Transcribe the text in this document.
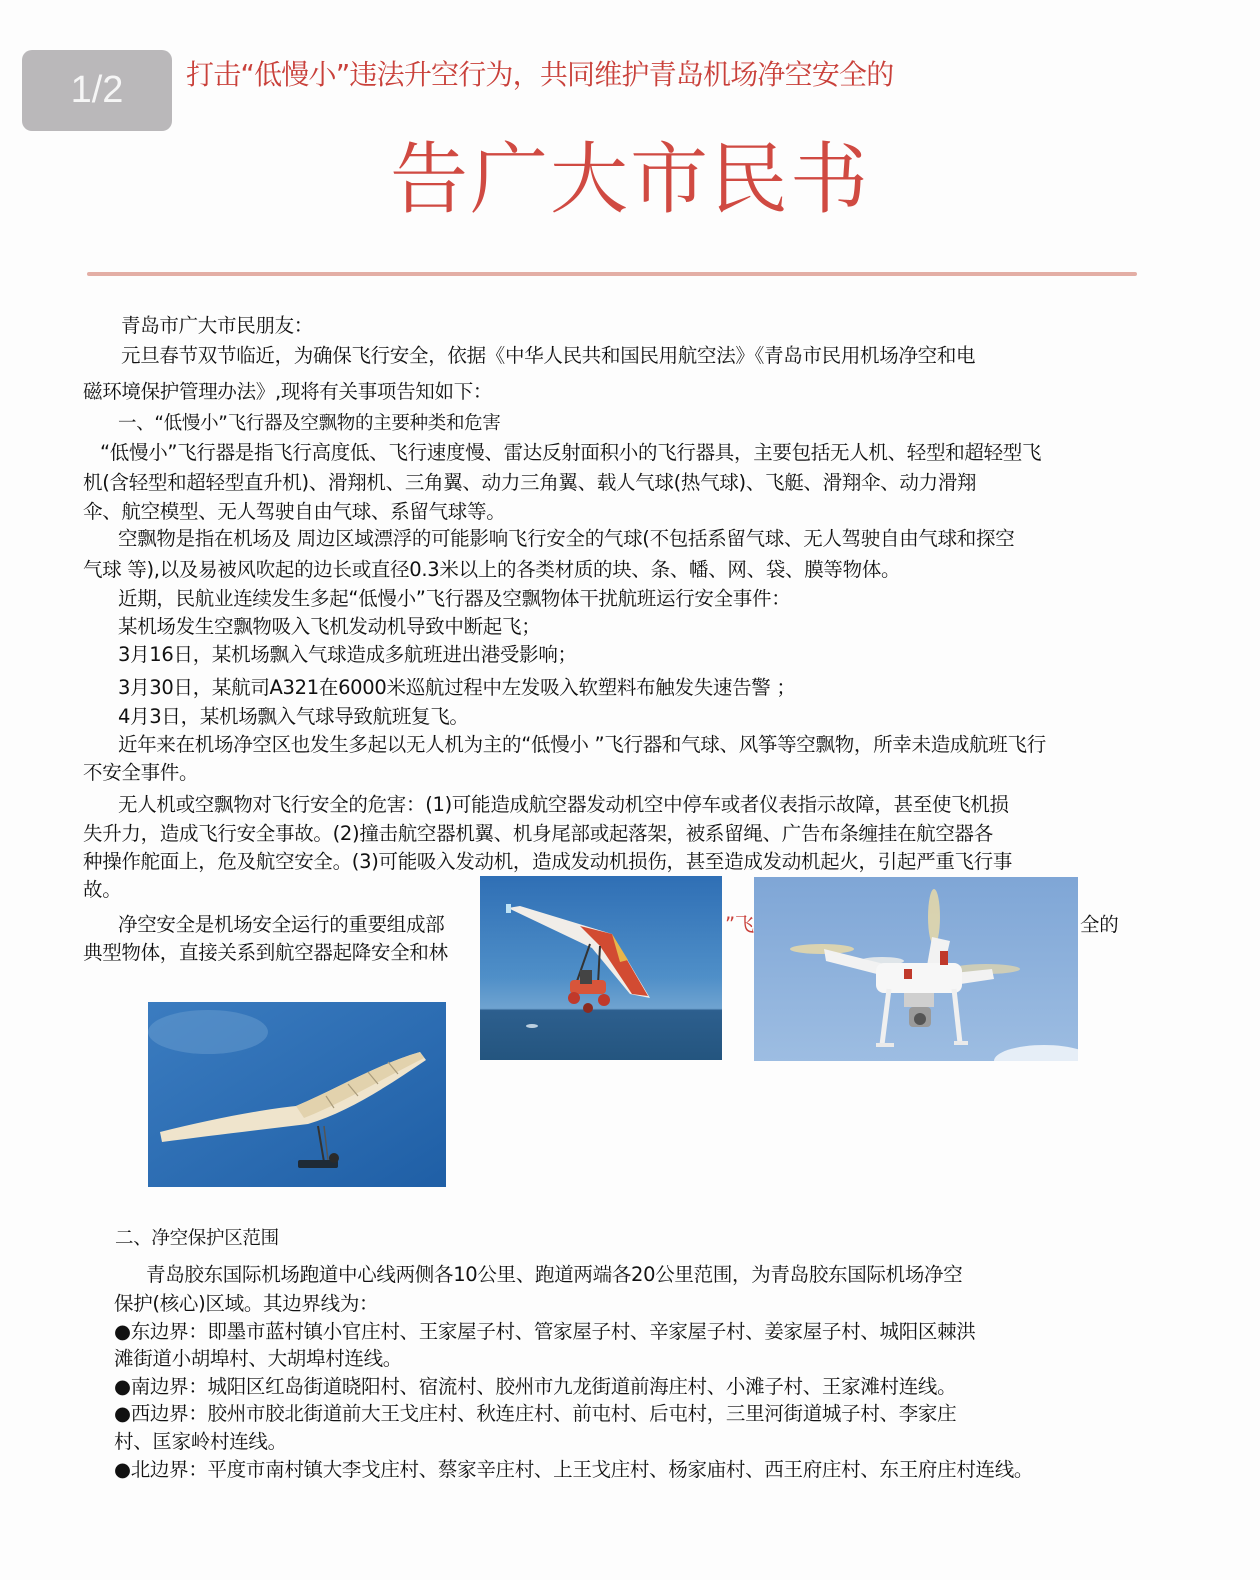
1/2 打击“低慢小”违法升空行为，共同维护青岛机场净空安全的
告广大市民书
青岛市广大市民朋友：
元旦春节双节临近，为确保飞行安全，依据《中华人民共和国民用航空法》《青岛市民用机场净空和电
磁环境保护管理办法》,现将有关事项告知如下：
一、“低慢小”飞行器及空飘物的主要种类和危害
“低慢小”飞行器是指飞行高度低、飞行速度慢、雷达反射面积小的飞行器具，主要包括无人机、轻型和超轻型飞
机(含轻型和超轻型直升机)、滑翔机、三角翼、动力三角翼、载人气球(热气球)、飞艇、滑翔伞、动力滑翔
伞、航空模型、无人驾驶自由气球、系留气球等。
空飘物是指在机场及 周边区域漂浮的可能影响飞行安全的气球(不包括系留气球、无人驾驶自由气球和探空
气球 等),以及易被风吹起的边长或直径0.3米以上的各类材质的块、条、幡、网、袋、膜等物体。
近期，民航业连续发生多起“低慢小”飞行器及空飘物体干扰航班运行安全事件：
某机场发生空飘物吸入飞机发动机导致中断起飞；
3月16日，某机场飘入气球造成多航班进出港受影响；
3月30日，某航司A321在6000米巡航过程中左发吸入软塑料布触发失速告警 ；
4月3日，某机场飘入气球导致航班复飞。
近年来在机场净空区也发生多起以无人机为主的“低慢小 ”飞行器和气球、风筝等空飘物，所幸未造成航班飞行
不安全事件。
无人机或空飘物对飞行安全的危害：(1)可能造成航空器发动机空中停车或者仪表指示故障，甚至使飞机损
失升力，造成飞行安全事故。(2)撞击航空器机翼、机身尾部或起落架，被系留绳、广告布条缠挂在航空器各
种操作舵面上，危及航空安全。(3)可能吸入发动机，造成发动机损伤，甚至造成发动机起火，引起严重飞行事
故。
净空安全是机场安全运行的重要组成部	”飞	全的
典型物体，直接关系到航空器起降安全和林
二、净空保护区范围
青岛胶东国际机场跑道中心线两侧各10公里、跑道两端各20公里范围，为青岛胶东国际机场净空
保护(核心)区域。其边界线为：
●东边界：即墨市蓝村镇小官庄村、王家屋子村、管家屋子村、辛家屋子村、姜家屋子村、城阳区棘洪
滩街道小胡埠村、大胡埠村连线。
●南边界：城阳区红岛街道晓阳村、宿流村、胶州市九龙街道前海庄村、小滩子村、王家滩村连线。
●西边界：胶州市胶北街道前大王戈庄村、秋连庄村、前屯村、后屯村，三里河街道城子村、李家庄
村、匡家岭村连线。
●北边界：平度市南村镇大李戈庄村、蔡家辛庄村、上王戈庄村、杨家庙村、西王府庄村、东王府庄村连线。
